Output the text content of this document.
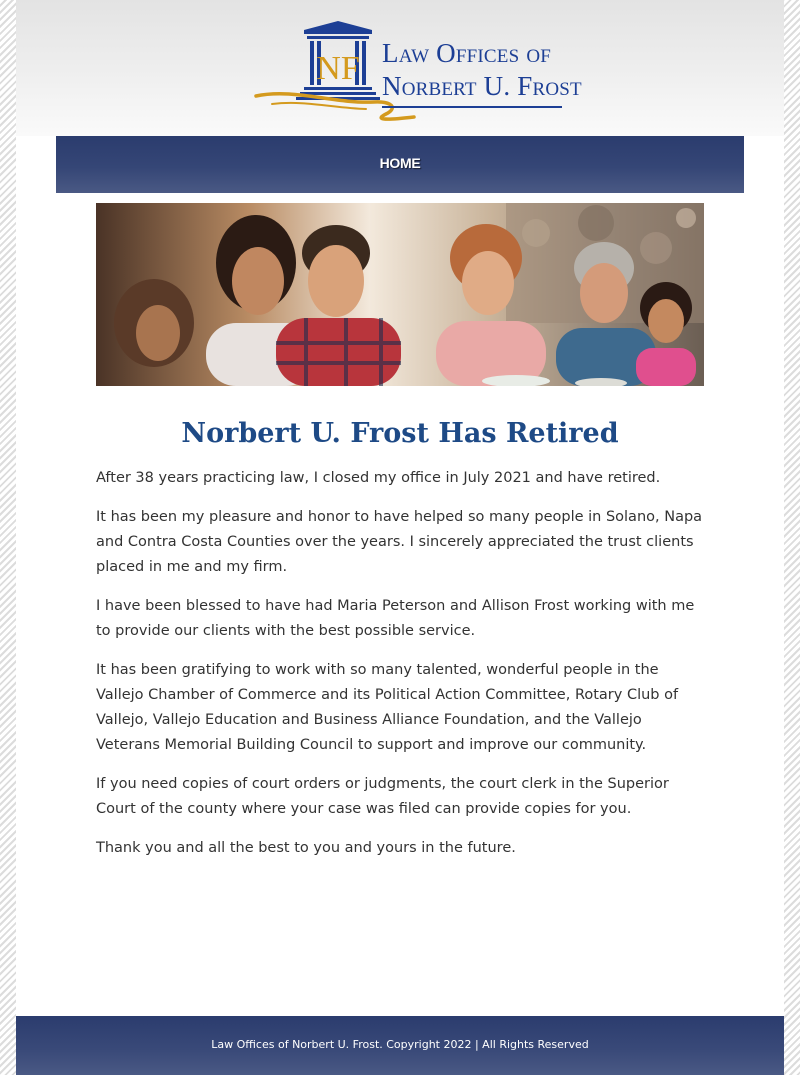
NF Law Offices of
Norbert U. Frost
HOME
Norbert U. Frost Has Retired

After 38 years practicing law, I closed my office in July 2021 and have retired.

It has been my pleasure and honor to have helped so many people in Solano, Napa and Contra Costa Counties over the years. I sincerely appreciated the trust clients placed in me and my firm.

I have been blessed to have had Maria Peterson and Allison Frost working with me to provide our clients with the best possible service.

It has been gratifying to work with so many talented, wonderful people in the Vallejo Chamber of Commerce and its Political Action Committee, Rotary Club of Vallejo, Vallejo Education and Business Alliance Foundation, and the Vallejo Veterans Memorial Building Council to support and improve our community.

If you need copies of court orders or judgments, the court clerk in the Superior Court of the county where your case was filed can provide copies for you.

Thank you and all the best to you and yours in the future.

Law Offices of Norbert U. Frost. Copyright 2022 | All Rights Reserved
